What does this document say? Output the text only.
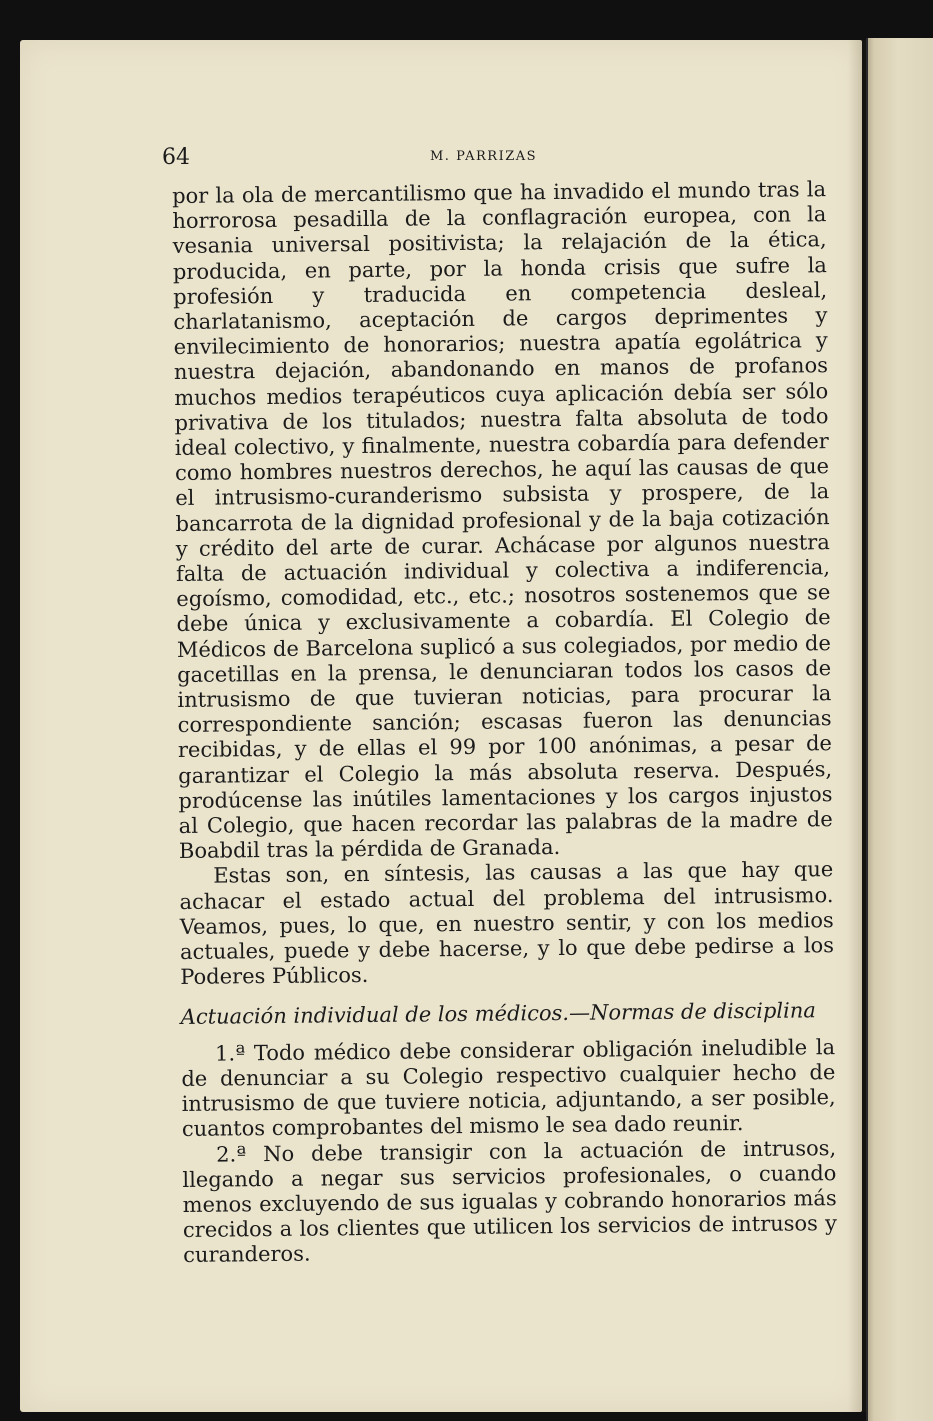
64	M. PARRIZAS

por la ola de mercantilismo que ha invadido el mundo tras la horrorosa pesadilla de la conflagración europea, con la vesania universal positivista; la relajación de la ética, producida, en parte, por la honda crisis que sufre la profesión y traducida en competencia desleal, charlatanismo, aceptación de cargos deprimentes y envilecimiento de honorarios; nuestra apatía egolátrica y nuestra dejación, abandonando en manos de profanos muchos medios terapéuticos cuya aplicación debía ser sólo privativa de los titulados; nuestra falta absoluta de todo ideal colectivo, y finalmente, nuestra cobardía para defender como hombres nuestros derechos, he aquí las causas de que el intrusismo-curanderismo subsista y prospere, de la bancarrota de la dignidad profesional y de la baja cotización y crédito del arte de curar. Achácase por algunos nuestra falta de actuación individual y colectiva a indiferencia, egoísmo, comodidad, etc., etc.; nosotros sostenemos que se debe única y exclusivamente a cobardía. El Colegio de Médicos de Barcelona suplicó a sus colegiados, por medio de gacetillas en la prensa, le denunciaran todos los casos de intrusismo de que tuvieran noticias, para procurar la correspondiente sanción; escasas fueron las denuncias recibidas, y de ellas el 99 por 100 anónimas, a pesar de garantizar el Colegio la más absoluta reserva. Después, prodúcense las inútiles lamentaciones y los cargos injustos al Colegio, que hacen recordar las palabras de la madre de Boabdil tras la pérdida de Granada.

Estas son, en síntesis, las causas a las que hay que achacar el estado actual del problema del intrusismo. Veamos, pues, lo que, en nuestro sentir, y con los medios actuales, puede y debe hacerse, y lo que debe pedirse a los Poderes Públicos.

Actuación individual de los médicos.—Normas de disciplina

1.ª Todo médico debe considerar obligación ineludible la de denunciar a su Colegio respectivo cualquier hecho de intrusismo de que tuviere noticia, adjuntando, a ser posible, cuantos comprobantes del mismo le sea dado reunir.

2.ª No debe transigir con la actuación de intrusos, llegando a negar sus servicios profesionales, o cuando menos excluyendo de sus igualas y cobrando honorarios más crecidos a los clientes que utilicen los servicios de intrusos y curanderos.
